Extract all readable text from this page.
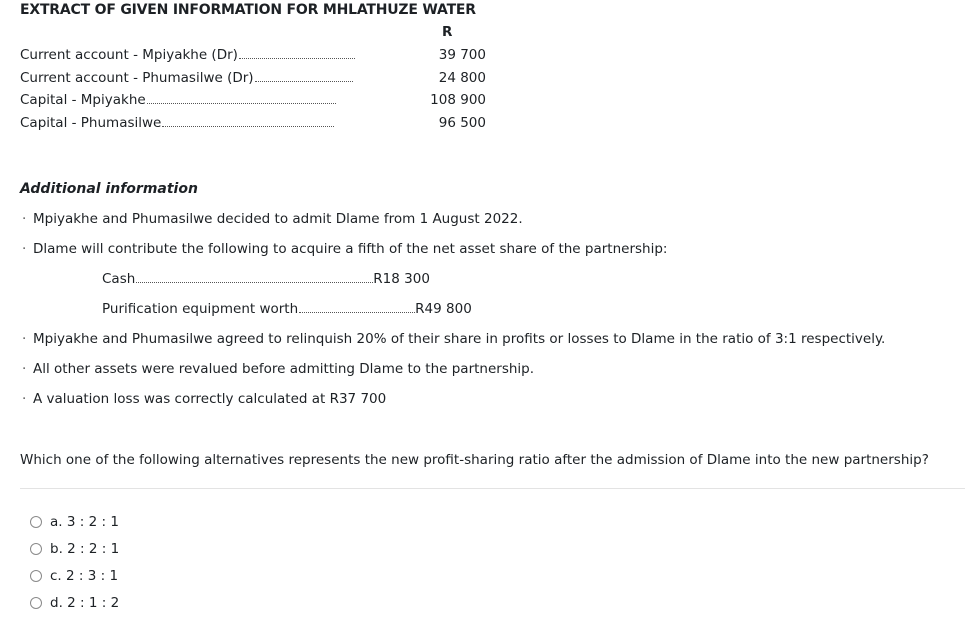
EXTRACT OF GIVEN INFORMATION FOR MHLATHUZE WATER
R
Current account - Mpiyakhe (Dr)	39 700
Current account - Phumasilwe (Dr)	24 800
Capital - Mpiyakhe	108 900
Capital - Phumasilwe	96 500
Additional information
· Mpiyakhe and Phumasilwe decided to admit Dlame from 1 August 2022.
· Dlame will contribute the following to acquire a fifth of the net asset share of the partnership:
Cash	R18 300
Purification equipment worth	R49 800
· Mpiyakhe and Phumasilwe agreed to relinquish 20% of their share in profits or losses to Dlame in the ratio of 3:1 respectively.
· All other assets were revalued before admitting Dlame to the partnership.
· A valuation loss was correctly calculated at R37 700
Which one of the following alternatives represents the new profit-sharing ratio after the admission of Dlame into the new partnership?
a.
3 : 2 : 1
b.
2 : 2 : 1
c.
2 : 3 : 1
d.
2 : 1 : 2
